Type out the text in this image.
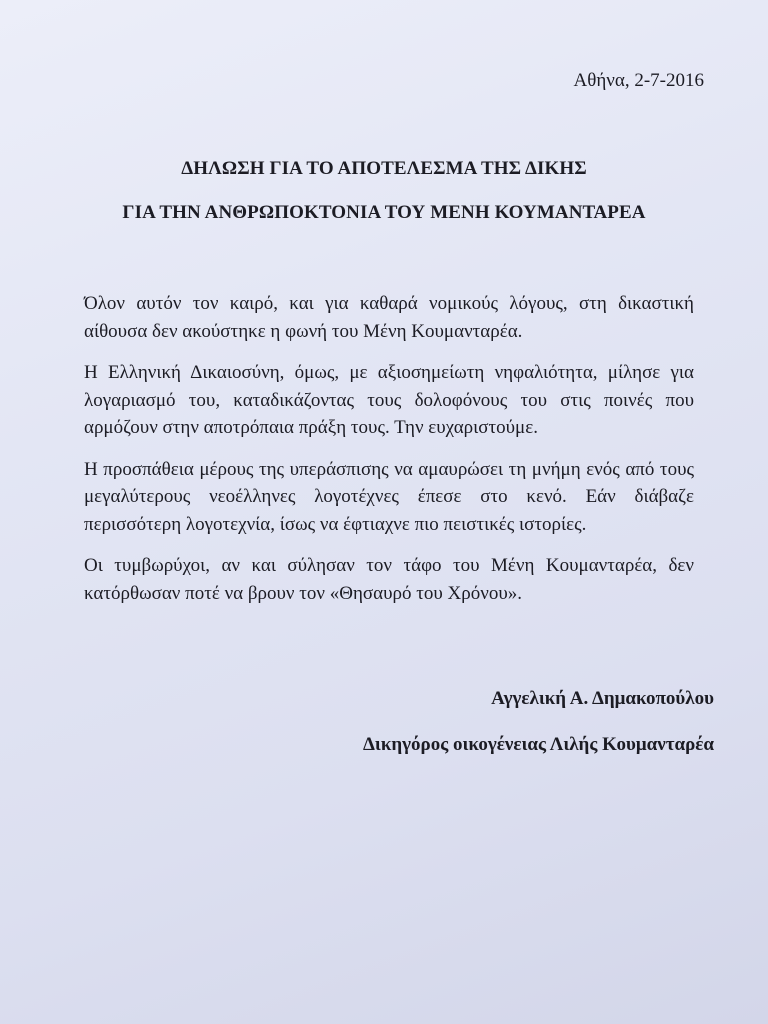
Αθήνα, 2-7-2016
ΔΗΛΩΣΗ ΓΙΑ ΤΟ ΑΠΟΤΕΛΕΣΜΑ ΤΗΣ ΔΙΚΗΣ
ΓΙΑ ΤΗΝ ΑΝΘΡΩΠΟΚΤΟΝΙΑ ΤΟΥ ΜΕΝΗ ΚΟΥΜΑΝΤΑΡΕΑ

Όλον αυτόν τον καιρό, και για καθαρά νομικούς λόγους, στη δικαστική αίθουσα δεν ακούστηκε η φωνή του Μένη Κουμανταρέα.

Η Ελληνική Δικαιοσύνη, όμως, με αξιοσημείωτη νηφαλιότητα, μίλησε για λογαριασμό του, καταδικάζοντας τους δολοφόνους του στις ποινές που αρμόζουν στην αποτρόπαια πράξη τους. Την ευχαριστούμε.

Η προσπάθεια μέρους της υπεράσπισης να αμαυρώσει τη μνήμη ενός από τους μεγαλύτερους νεοέλληνες λογοτέχνες έπεσε στο κενό. Εάν διάβαζε περισσότερη λογοτεχνία, ίσως να έφτιαχνε πιο πειστικές ιστορίες.

Οι τυμβωρύχοι, αν και σύλησαν τον τάφο του Μένη Κουμανταρέα, δεν κατόρθωσαν ποτέ να βρουν τον «Θησαυρό του Χρόνου».

Αγγελική Α. Δημακοπούλου
Δικηγόρος οικογένειας Λιλής Κουμανταρέα
